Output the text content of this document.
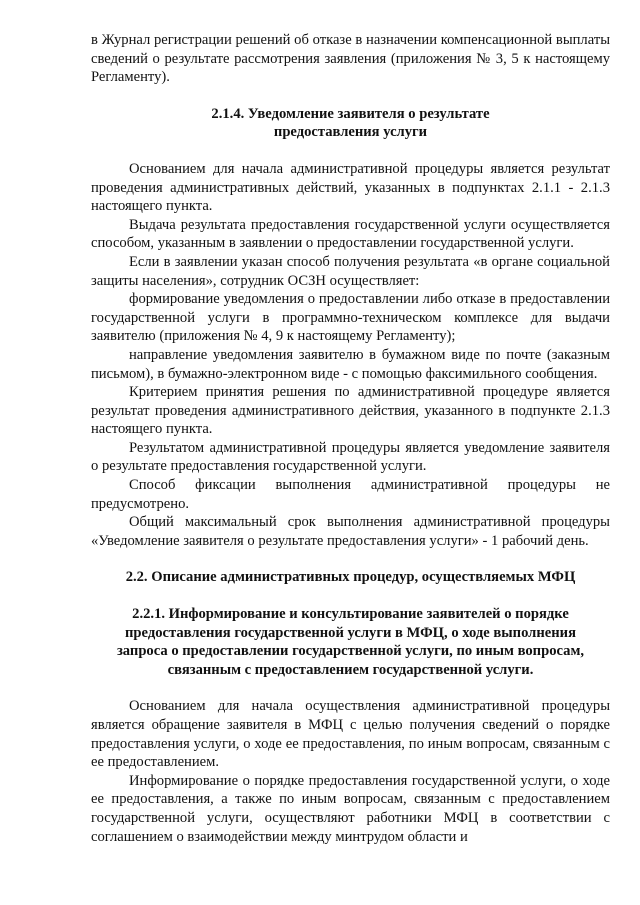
в Журнал регистрации решений об отказе в назначении компенсационной выплаты сведений о результате рассмотрения заявления (приложения № 3, 5 к настоящему Регламенту).

2.1.4. Уведомление заявителя о результате
предоставления услуги

Основанием для начала административной процедуры является результат проведения административных действий, указанных в подпунктах 2.1.1 - 2.1.3 настоящего пункта.

Выдача результата предоставления государственной услуги осуществляется способом, указанным в заявлении о предоставлении государственной услуги.

Если в заявлении указан способ получения результата «в органе социальной защиты населения», сотрудник ОСЗН осуществляет:

формирование уведомления о предоставлении либо отказе в предоставлении государственной услуги в программно-техническом комплексе для выдачи заявителю (приложения № 4, 9 к настоящему Регламенту);

направление уведомления заявителю в бумажном виде по почте (заказным письмом), в бумажно-электронном виде - с помощью факсимильного сообщения.

Критерием принятия решения по административной процедуре является результат проведения административного действия, указанного в подпункте 2.1.3 настоящего пункта.

Результатом административной процедуры является уведомление заявителя о результате предоставления государственной услуги.

Способ фиксации выполнения административной процедуры не предусмотрено.

Общий максимальный срок выполнения административной процедуры «Уведомление заявителя о результате предоставления услуги» - 1 рабочий день.

2.2. Описание административных процедур, осуществляемых МФЦ
2.2.1. Информирование и консультирование заявителей о порядке
предоставления государственной услуги в МФЦ, о ходе выполнения
запроса о предоставлении государственной услуги, по иным вопросам,
связанным с предоставлением государственной услуги.

Основанием для начала осуществления административной процедуры является обращение заявителя в МФЦ с целью получения сведений о порядке предоставления услуги, о ходе ее предоставления, по иным вопросам, связанным с ее предоставлением.

Информирование о порядке предоставления государственной услуги, о ходе ее предоставления, а также по иным вопросам, связанным с предоставлением государственной услуги, осуществляют работники МФЦ в соответствии с соглашением о взаимодействии между минтрудом области и
